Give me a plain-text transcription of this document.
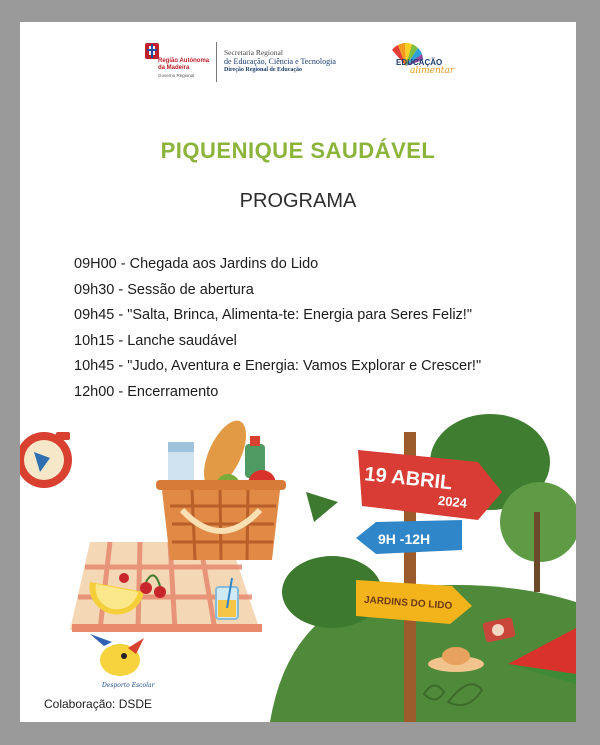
Região Autónoma
da Madeira
Governo Regional
Secretaria Regional
de Educação, Ciência e Tecnologia
Direção Regional de Educação
EDUCAÇÃO
alimentar
PIQUENIQUE SAUDÁVEL
PROGRAMA
09H00 - Chegada aos Jardins do Lido
09h30 - Sessão de abertura
09h45 - "Salta, Brinca, Alimenta-te: Energia para Seres Feliz!"
10h15 - Lanche saudável
10h45 - "Judo, Aventura e Energia: Vamos Explorar e Crescer!"
12h00 - Encerramento
19 ABRIL
2024
9H -12H
JARDINS DO LIDO
Desporto Escolar
Colaboração: DSDE
